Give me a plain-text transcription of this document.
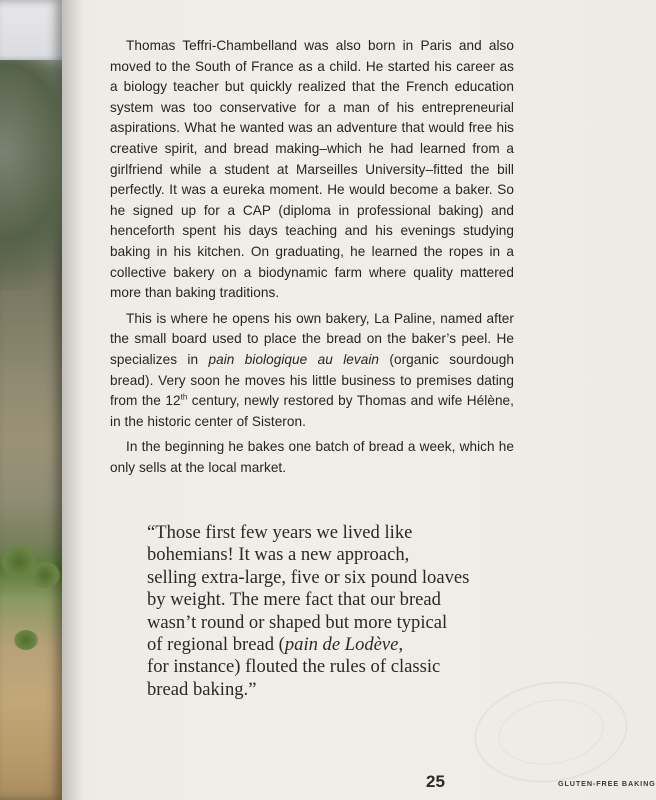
Thomas Teffri-Chambelland was also born in Paris and also moved to the South of France as a child. He started his career as a biology teacher but quickly realized that the French education system was too conservative for a man of his entrepreneurial aspirations. What he wanted was an adventure that would free his creative spirit, and bread making–which he had learned from a girlfriend while a student at Marseilles University–fitted the bill perfectly. It was a eureka moment. He would become a baker. So he signed up for a CAP (diploma in professional baking) and henceforth spent his days teaching and his evenings studying baking in his kitchen. On graduating, he learned the ropes in a collective bakery on a biodynamic farm where quality mattered more than baking traditions.

This is where he opens his own bakery, La Paline, named after the small board used to place the bread on the baker’s peel. He specializes in pain biologique au levain (organic sourdough bread). Very soon he moves his little business to premises dating from the 12th century, newly restored by Thomas and wife Hélène, in the historic center of Sisteron.

In the beginning he bakes one batch of bread a week, which he only sells at the local market.

“Those first few years we lived like
bohemians! It was a new approach,
selling extra-large, five or six pound loaves
by weight. The mere fact that our bread
wasn’t round or shaped but more typical
of regional bread (pain de Lodève,
for instance) flouted the rules of classic
bread baking.”
25	GLUTEN-FREE BAKING
